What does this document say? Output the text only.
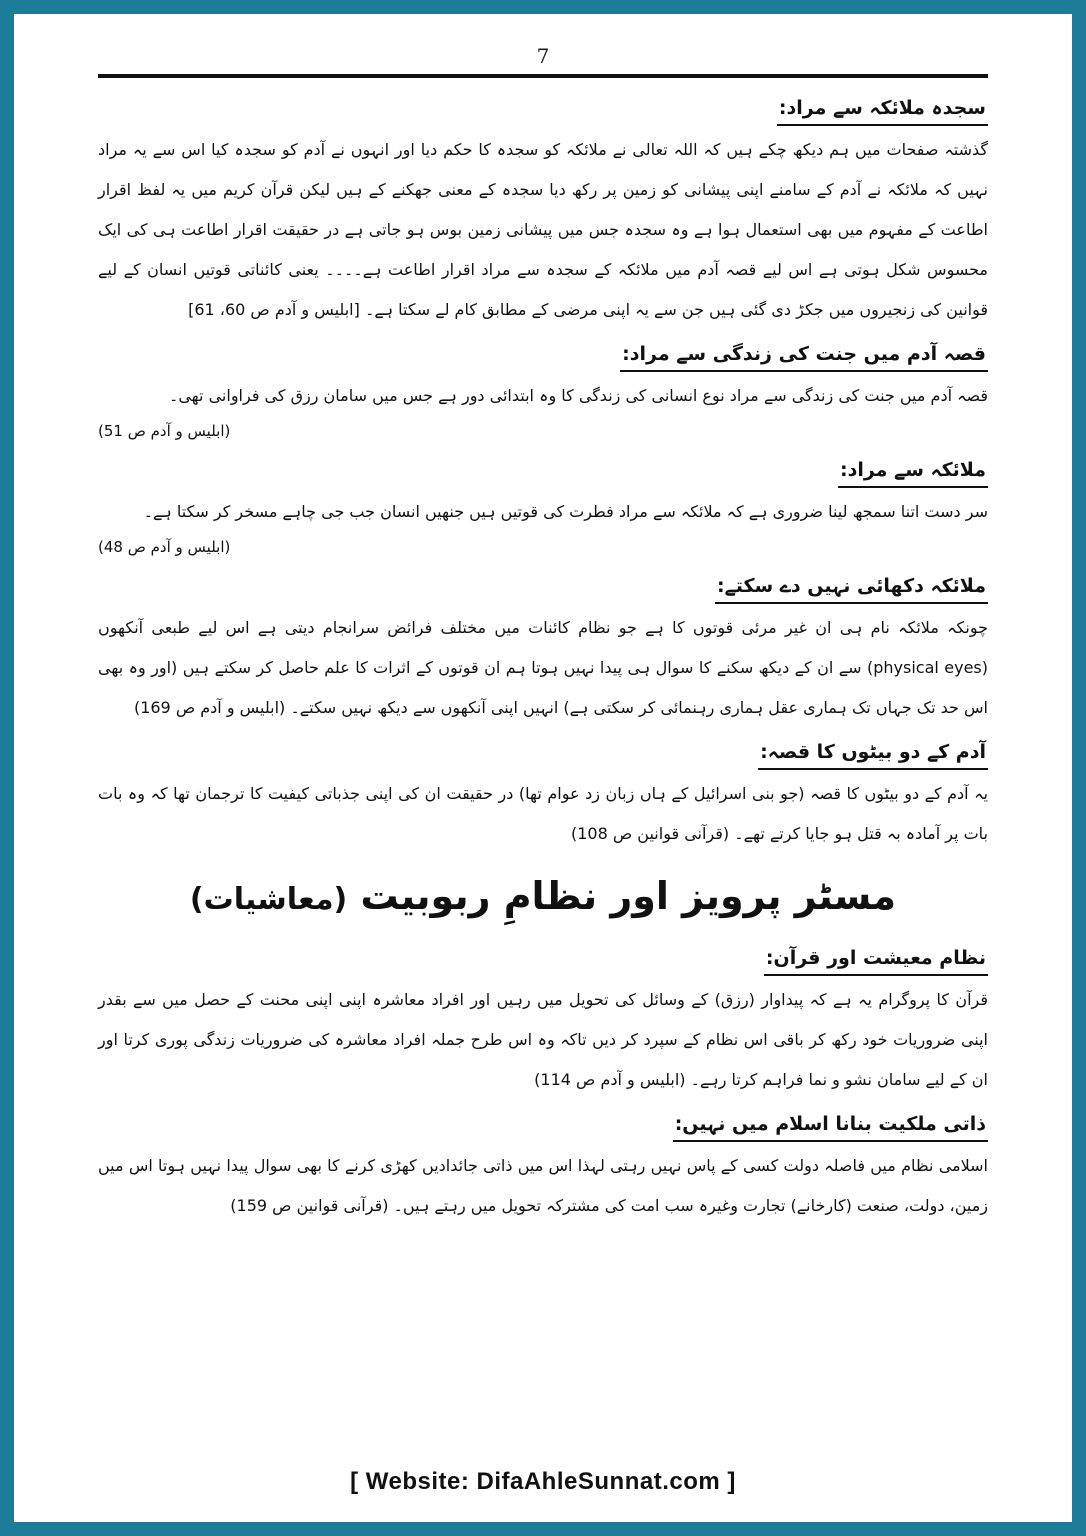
7
سجدہ ملائکہ سے مراد:

گذشتہ صفحات میں ہم دیکھ چکے ہیں کہ اللہ تعالی نے ملائکہ کو سجدہ کا حکم دیا اور انہوں نے آدم کو سجدہ کیا اس سے یہ مراد نہیں کہ ملائکہ نے آدم کے سامنے اپنی پیشانی کو زمین پر رکھ دیا سجدہ کے معنی جھکنے کے ہیں لیکن قرآن کریم میں یہ لفظ اقرار اطاعت کے مفہوم میں بھی استعمال ہوا ہے وہ سجدہ جس میں پیشانی زمین بوس ہو جاتی ہے در حقیقت اقرار اطاعت ہی کی ایک محسوس شکل ہوتی ہے اس لیے قصہ آدم میں ملائکہ کے سجدہ سے مراد اقرار اطاعت ہے۔۔۔۔ یعنی کائناتی قوتیں انسان کے لیے قوانین کی زنجیروں میں جکڑ دی گئی ہیں جن سے یہ اپنی مرضی کے مطابق کام لے سکتا ہے۔ [ابلیس و آدم ص 60، 61]

قصہ آدم میں جنت کی زندگی سے مراد:

قصہ آدم میں جنت کی زندگی سے مراد نوع انسانی کی زندگی کا وہ ابتدائی دور ہے جس میں سامان رزق کی فراوانی تھی۔

(ابلیس و آدم ص 51)
ملائکہ سے مراد:

سر دست اتنا سمجھ لینا ضروری ہے کہ ملائکہ سے مراد فطرت کی قوتیں ہیں جنھیں انسان جب جی چاہے مسخر کر سکتا ہے۔

(ابلیس و آدم ص 48)
ملائکہ دکھائی نہیں دے سکتے:

چونکہ ملائکہ نام ہی ان غیر مرئی قوتوں کا ہے جو نظام کائنات میں مختلف فرائض سرانجام دیتی ہے اس لیے طبعی آنکھوں (physical eyes) سے ان کے دیکھ سکنے کا سوال ہی پیدا نہیں ہوتا ہم ان قوتوں کے اثرات کا علم حاصل کر سکتے ہیں (اور وہ بھی اس حد تک جہاں تک ہماری عقل ہماری رہنمائی کر سکتی ہے) انہیں اپنی آنکھوں سے دیکھ نہیں سکتے۔ (ابلیس و آدم ص 169)

آدم کے دو بیٹوں کا قصہ:

یہ آدم کے دو بیٹوں کا قصہ (جو بنی اسرائیل کے ہاں زبان زد عوام تھا) در حقیقت ان کی اپنی جذباتی کیفیت کا ترجمان تھا کہ وہ بات بات پر آمادہ بہ قتل ہو جایا کرتے تھے۔ (قرآنی قوانین ص 108)

مسٹر پرویز اور نظامِ ربوبیت (معاشیات)
نظام معیشت اور قرآن:

قرآن کا پروگرام یہ ہے کہ پیداوار (رزق) کے وسائل کی تحویل میں رہیں اور افراد معاشرہ اپنی اپنی محنت کے حصل میں سے بقدر اپنی ضروریات خود رکھ کر باقی اس نظام کے سپرد کر دیں تاکہ وہ اس طرح جملہ افراد معاشرہ کی ضروریات زندگی پوری کرتا اور ان کے لیے سامان نشو و نما فراہم کرتا رہے۔ (ابلیس و آدم ص 114)

ذاتی ملکیت بنانا اسلام میں نہیں:

اسلامی نظام میں فاصلہ دولت کسی کے پاس نہیں رہتی لہذا اس میں ذاتی جائدادیں کھڑی کرنے کا بھی سوال پیدا نہیں ہوتا اس میں زمین، دولت، صنعت (کارخانے) تجارت وغیرہ سب امت کی مشترکہ تحویل میں رہتے ہیں۔ (قرآنی قوانین ص 159)

[ Website: DifaAhleSunnat.com ]
